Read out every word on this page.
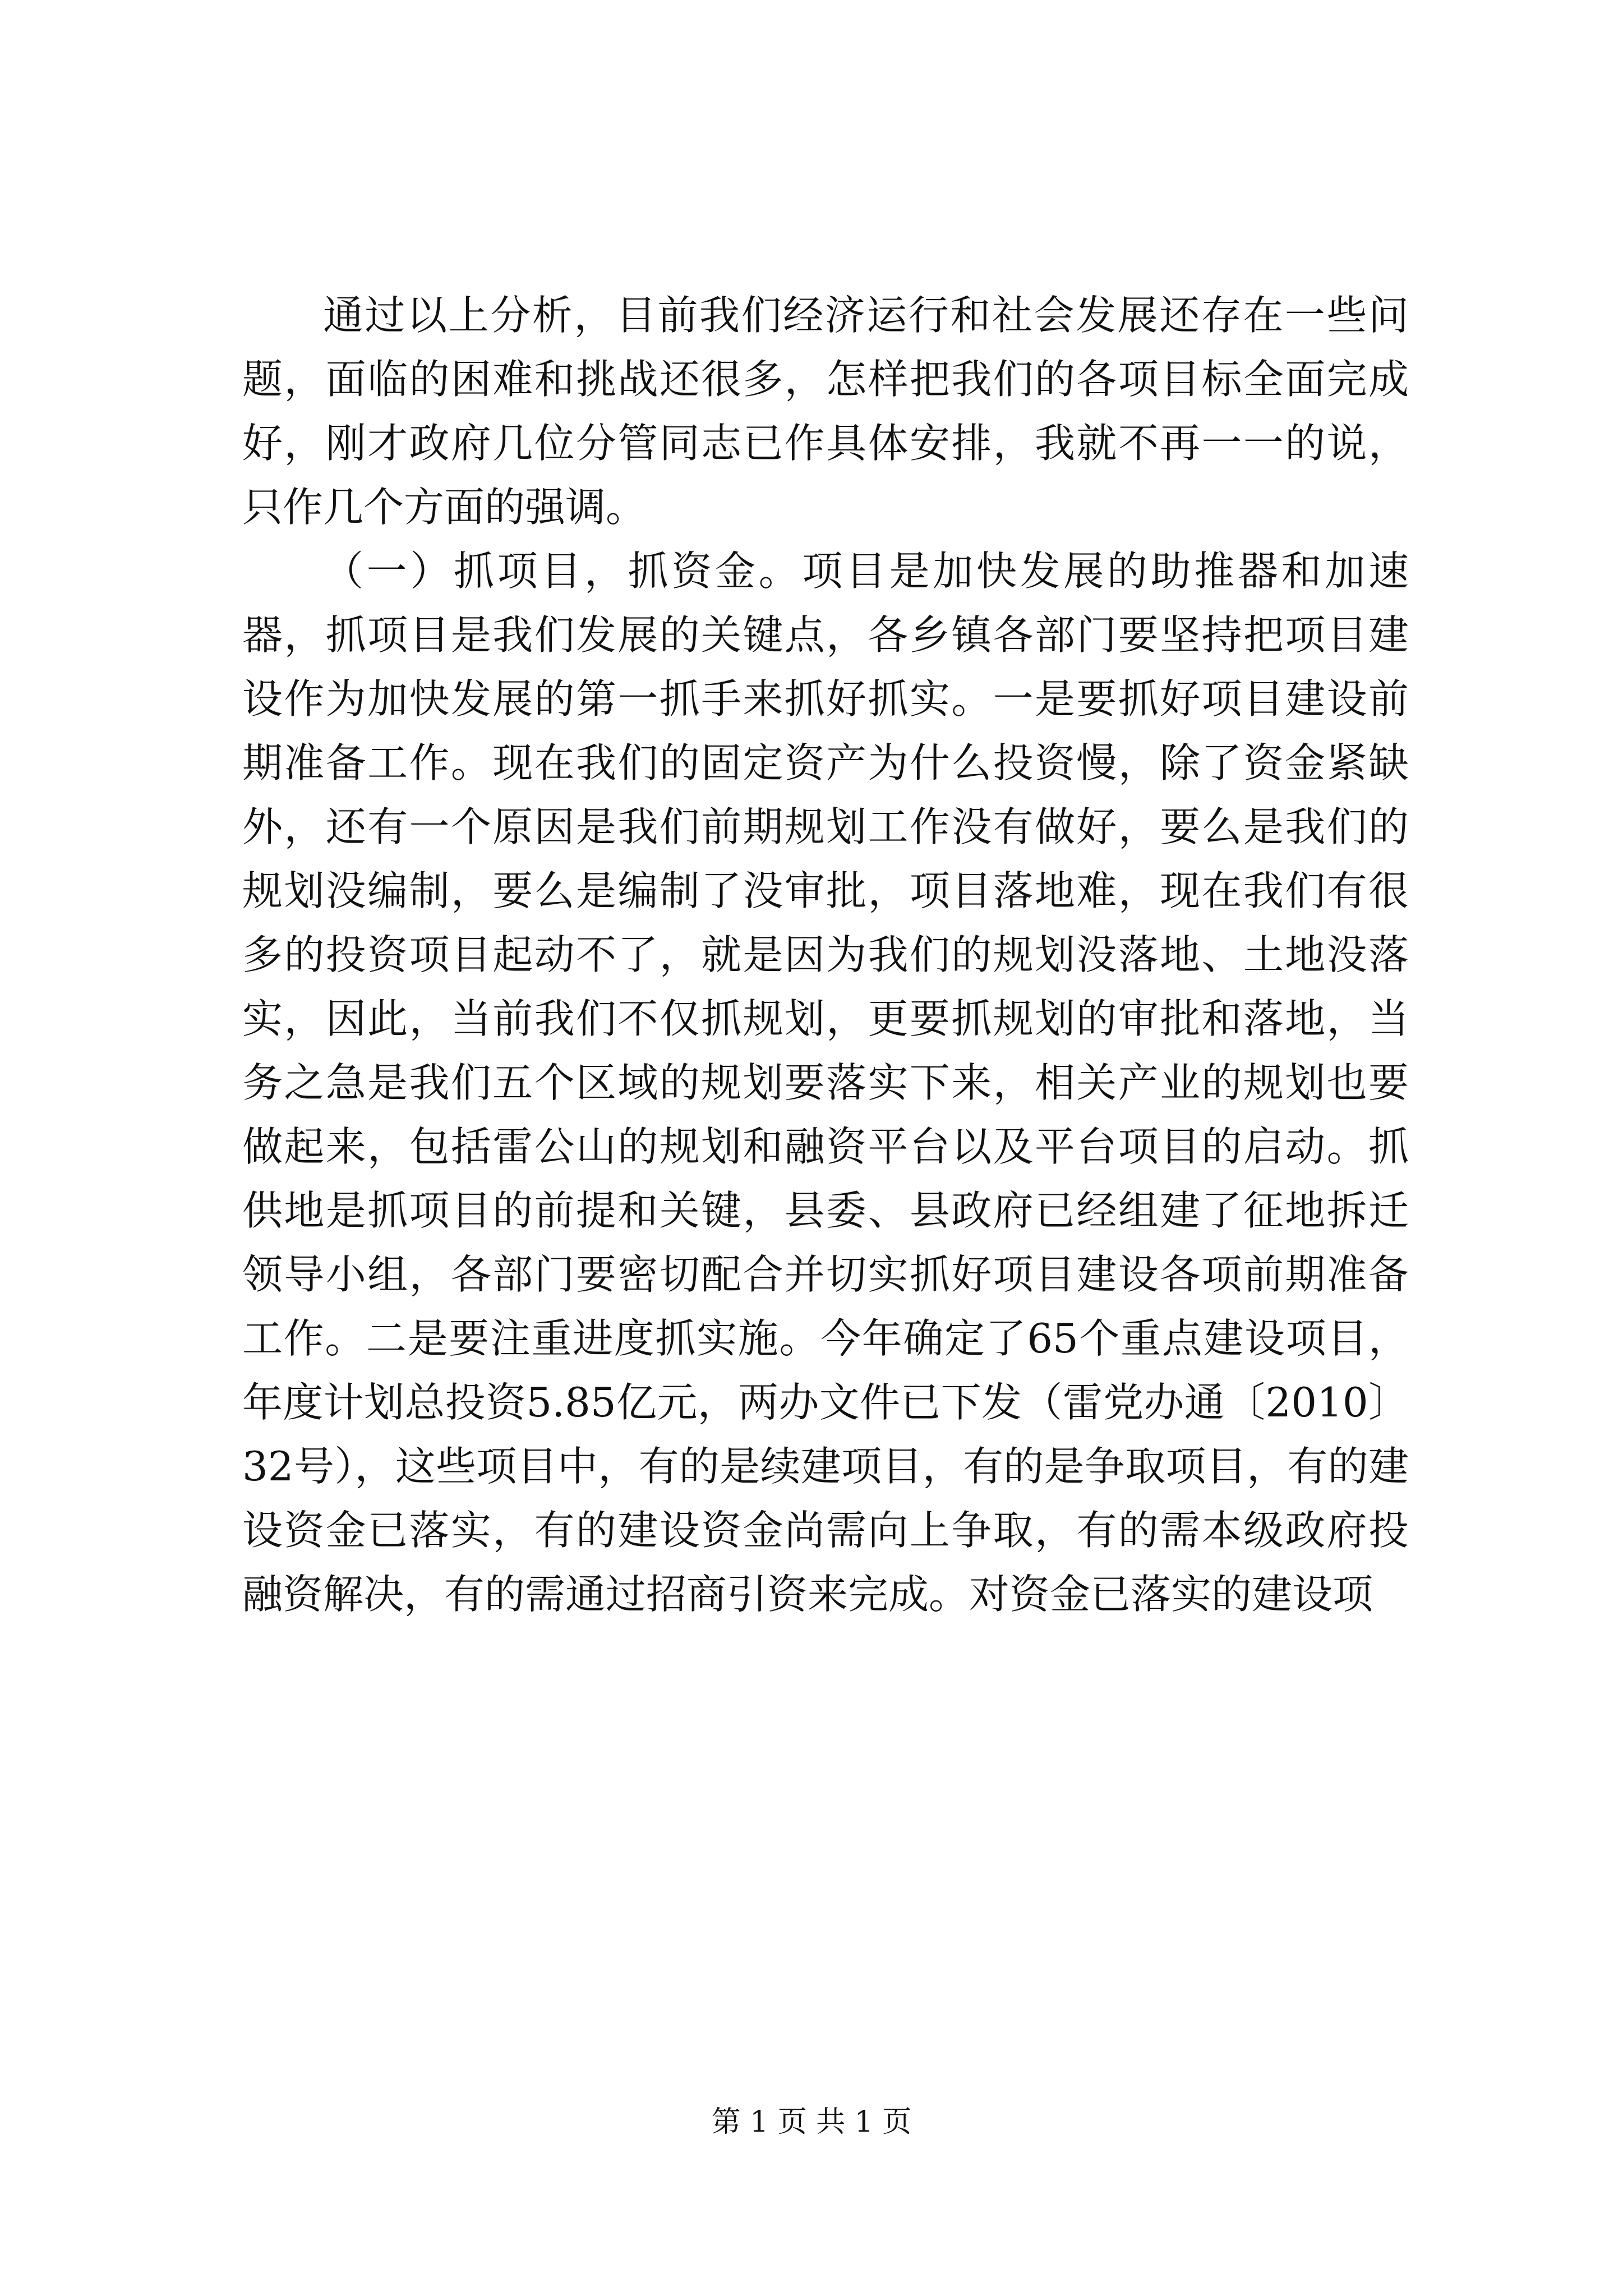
通过以上分析，目前我们经济运行和社会发展还存在一些问题，面临的困难和挑战还很多，怎样把我们的各项目标全面完成好，刚才政府几位分管同志已作具体安排，我就不再一一的说，只作几个方面的强调。

（一）抓项目，抓资金。项目是加快发展的助推器和加速器，抓项目是我们发展的关键点，各乡镇各部门要坚持把项目建设作为加快发展的第一抓手来抓好抓实。一是要抓好项目建设前期准备工作。现在我们的固定资产为什么投资慢，除了资金紧缺外，还有一个原因是我们前期规划工作没有做好，要么是我们的规划没编制，要么是编制了没审批，项目落地难，现在我们有很多的投资项目起动不了，就是因为我们的规划没落地、土地没落实，因此，当前我们不仅抓规划，更要抓规划的审批和落地，当务之急是我们五个区域的规划要落实下来，相关产业的规划也要做起来，包括雷公山的规划和融资平台以及平台项目的启动。抓供地是抓项目的前提和关键，县委、县政府已经组建了征地拆迁领导小组，各部门要密切配合并切实抓好项目建设各项前期准备工作。二是要注重进度抓实施。今年确定了65个重点建设项目，年度计划总投资5.85亿元，两办文件已下发（雷党办通〔2010〕32号），这些项目中，有的是续建项目，有的是争取项目，有的建设资金已落实，有的建设资金尚需向上争取，有的需本级政府投融资解决，有的需通过招商引资来完成。对资金已落实的建设项

第 1 页 共 1 页
